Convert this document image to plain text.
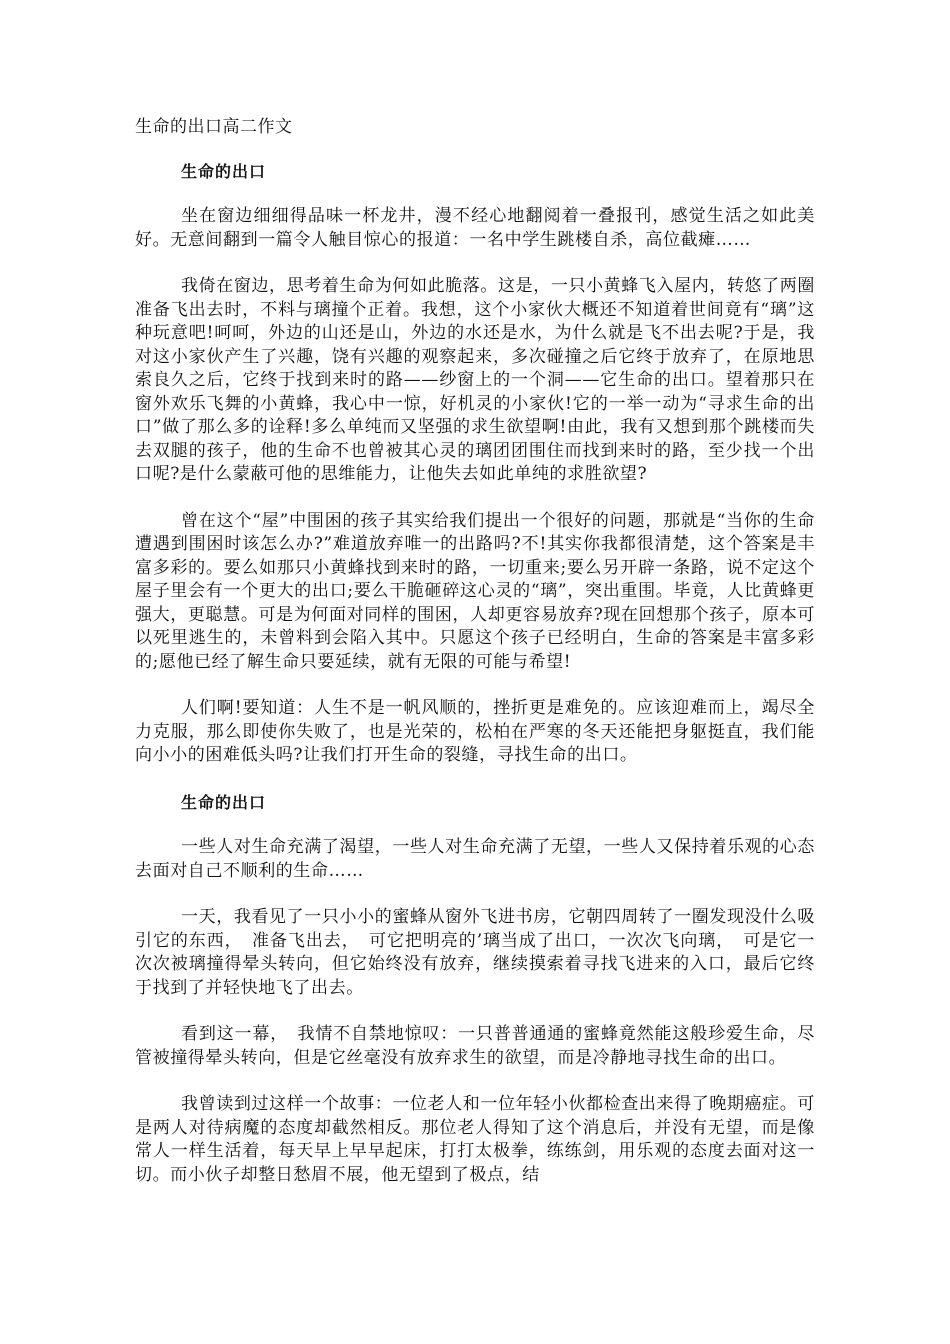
生命的出口高二作文

生命的出口

坐在窗边细细得品味一杯龙井，漫不经心地翻阅着一叠报刊，感觉生活之如此美好。无意间翻到一篇令人触目惊心的报道：一名中学生跳楼自杀，高位截瘫……

我倚在窗边，思考着生命为何如此脆落。这是，一只小黄蜂飞入屋内，转悠了两圈准备飞出去时，不料与璃撞个正着。我想，这个小家伙大概还不知道着世间竟有“璃”这种玩意吧!呵呵，外边的山还是山，外边的水还是水，为什么就是飞不出去呢?于是，我对这小家伙产生了兴趣，饶有兴趣的观察起来，多次碰撞之后它终于放弃了，在原地思索良久之后，它终于找到来时的路——纱窗上的一个洞——它生命的出口。望着那只在窗外欢乐飞舞的小黄蜂，我心中一惊，好机灵的小家伙!它的一举一动为“寻求生命的出口”做了那么多的诠释!多么单纯而又坚强的求生欲望啊!由此，我有又想到那个跳楼而失去双腿的孩子，他的生命不也曾被其心灵的璃团团围住而找到来时的路，至少找一个出口呢?是什么蒙蔽可他的思维能力，让他失去如此单纯的求胜欲望?

曾在这个“屋”中围困的孩子其实给我们提出一个很好的问题，那就是“当你的生命遭遇到围困时该怎么办?”难道放弃唯一的出路吗?不!其实你我都很清楚，这个答案是丰富多彩的。要么如那只小黄蜂找到来时的路，一切重来;要么另开辟一条路，说不定这个屋子里会有一个更大的出口;要么干脆砸碎这心灵的“璃”，突出重围。毕竟，人比黄蜂更强大，更聪慧。可是为何面对同样的围困，人却更容易放弃?现在回想那个孩子，原本可以死里逃生的，未曾料到会陷入其中。只愿这个孩子已经明白，生命的答案是丰富多彩的;愿他已经了解生命只要延续，就有无限的可能与希望!

人们啊!要知道：人生不是一帆风顺的，挫折更是难免的。应该迎难而上，竭尽全力克服，那么即使你失败了，也是光荣的，松柏在严寒的冬天还能把身躯挺直，我们能向小小的困难低头吗?让我们打开生命的裂缝，寻找生命的出口。

生命的出口

一些人对生命充满了渴望，一些人对生命充满了无望，一些人又保持着乐观的心态去面对自己不顺利的生命……

一天，我看见了一只小小的蜜蜂从窗外飞进书房，它朝四周转了一圈发现没什么吸引它的东西，　准备飞出去，　可它把明亮的’璃当成了出口，一次次飞向璃，　可是它一次次被璃撞得晕头转向，但它始终没有放弃，继续摸索着寻找飞进来的入口，最后它终于找到了并轻快地飞了出去。

看到这一幕，　我情不自禁地惊叹：一只普普通通的蜜蜂竟然能这般珍爱生命，尽管被撞得晕头转向，但是它丝毫没有放弃求生的欲望，而是冷静地寻找生命的出口。

我曾读到过这样一个故事：一位老人和一位年轻小伙都检查出来得了晚期癌症。可是两人对待病魔的态度却截然相反。那位老人得知了这个消息后，并没有无望，而是像常人一样生活着，每天早上早早起床，打打太极拳，练练剑，用乐观的态度去面对这一切。而小伙子却整日愁眉不展，他无望到了极点，结
